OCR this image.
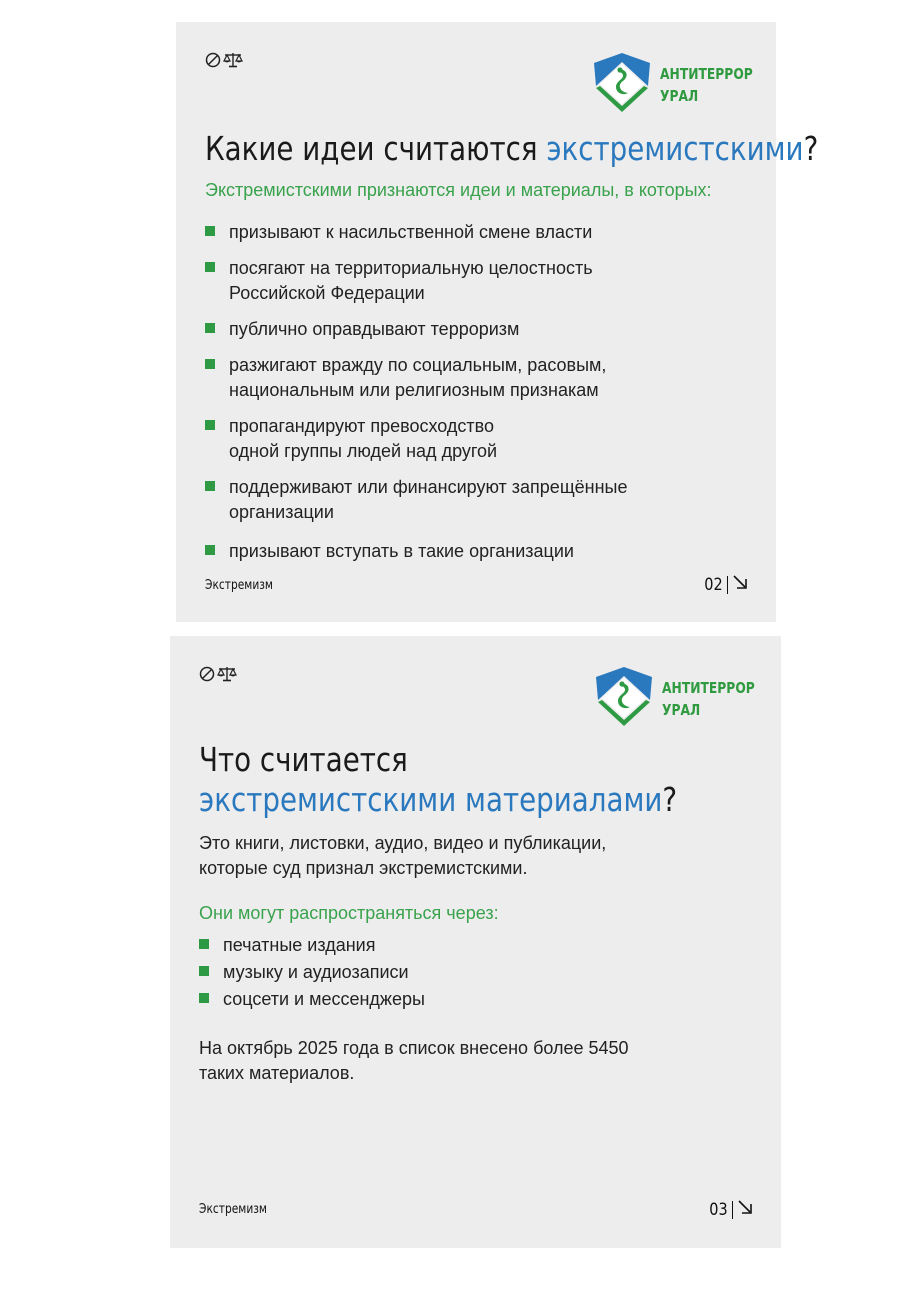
АНТИТЕРРОР
УРАЛ
Какие идеи считаются экстремистскими?

Экстремистскими признаются идеи и материалы, в которых:

призывают к насильственной смене власти
посягают на территориальную целостность
Российской Федерации
публично оправдывают терроризм
разжигают вражду по социальным, расовым,
национальным или религиозным признакам
пропагандируют превосходство
одной группы людей над другой
поддерживают или финансируют запрещённые
организации
призывают вступать в такие организации
Экстремизм	02
АНТИТЕРРОР
УРАЛ
Что считается
экстремистскими материалами?

Это книги, листовки, аудио, видео и публикации,
которые суд признал экстремистскими.

Они могут распространяться через:

печатные издания
музыку и аудиозаписи
соцсети и мессенджеры

На октябрь 2025 года в список внесено более 5450
таких материалов.

Экстремизм	03
